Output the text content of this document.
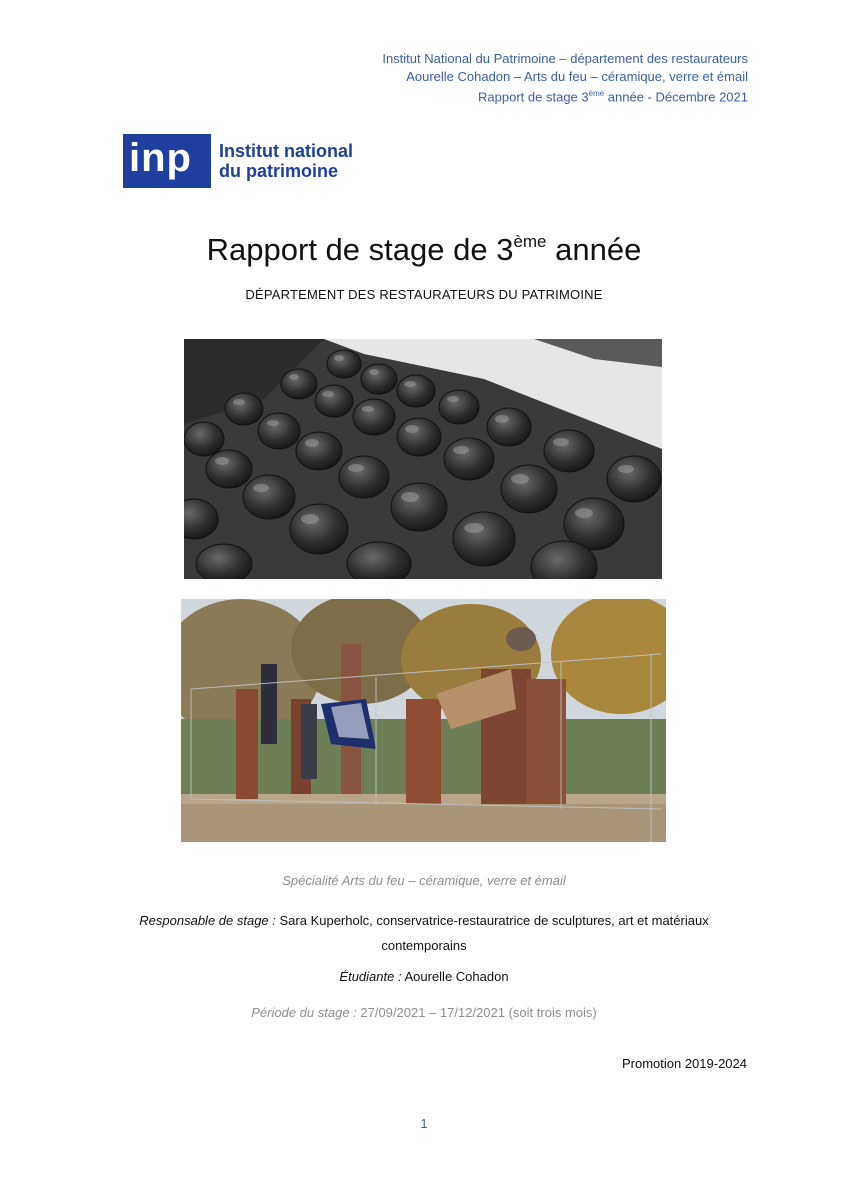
Institut National du Patrimoine – département des restaurateurs
Aourelle Cohadon – Arts du feu – céramique, verre et émail
Rapport de stage 3ème année - Décembre 2021
inp Institut national
du patrimoine
Rapport de stage de 3ème année
DÉPARTEMENT DES RESTAURATEURS DU PATRIMOINE
Spécialité Arts du feu – céramique, verre et émail
Responsable de stage : Sara Kuperholc, conservatrice-restauratrice de sculptures, art et matériaux
contemporains
Étudiante : Aourelle Cohadon
Période du stage : 27/09/2021 – 17/12/2021 (soit trois mois)
Promotion 2019-2024
1
